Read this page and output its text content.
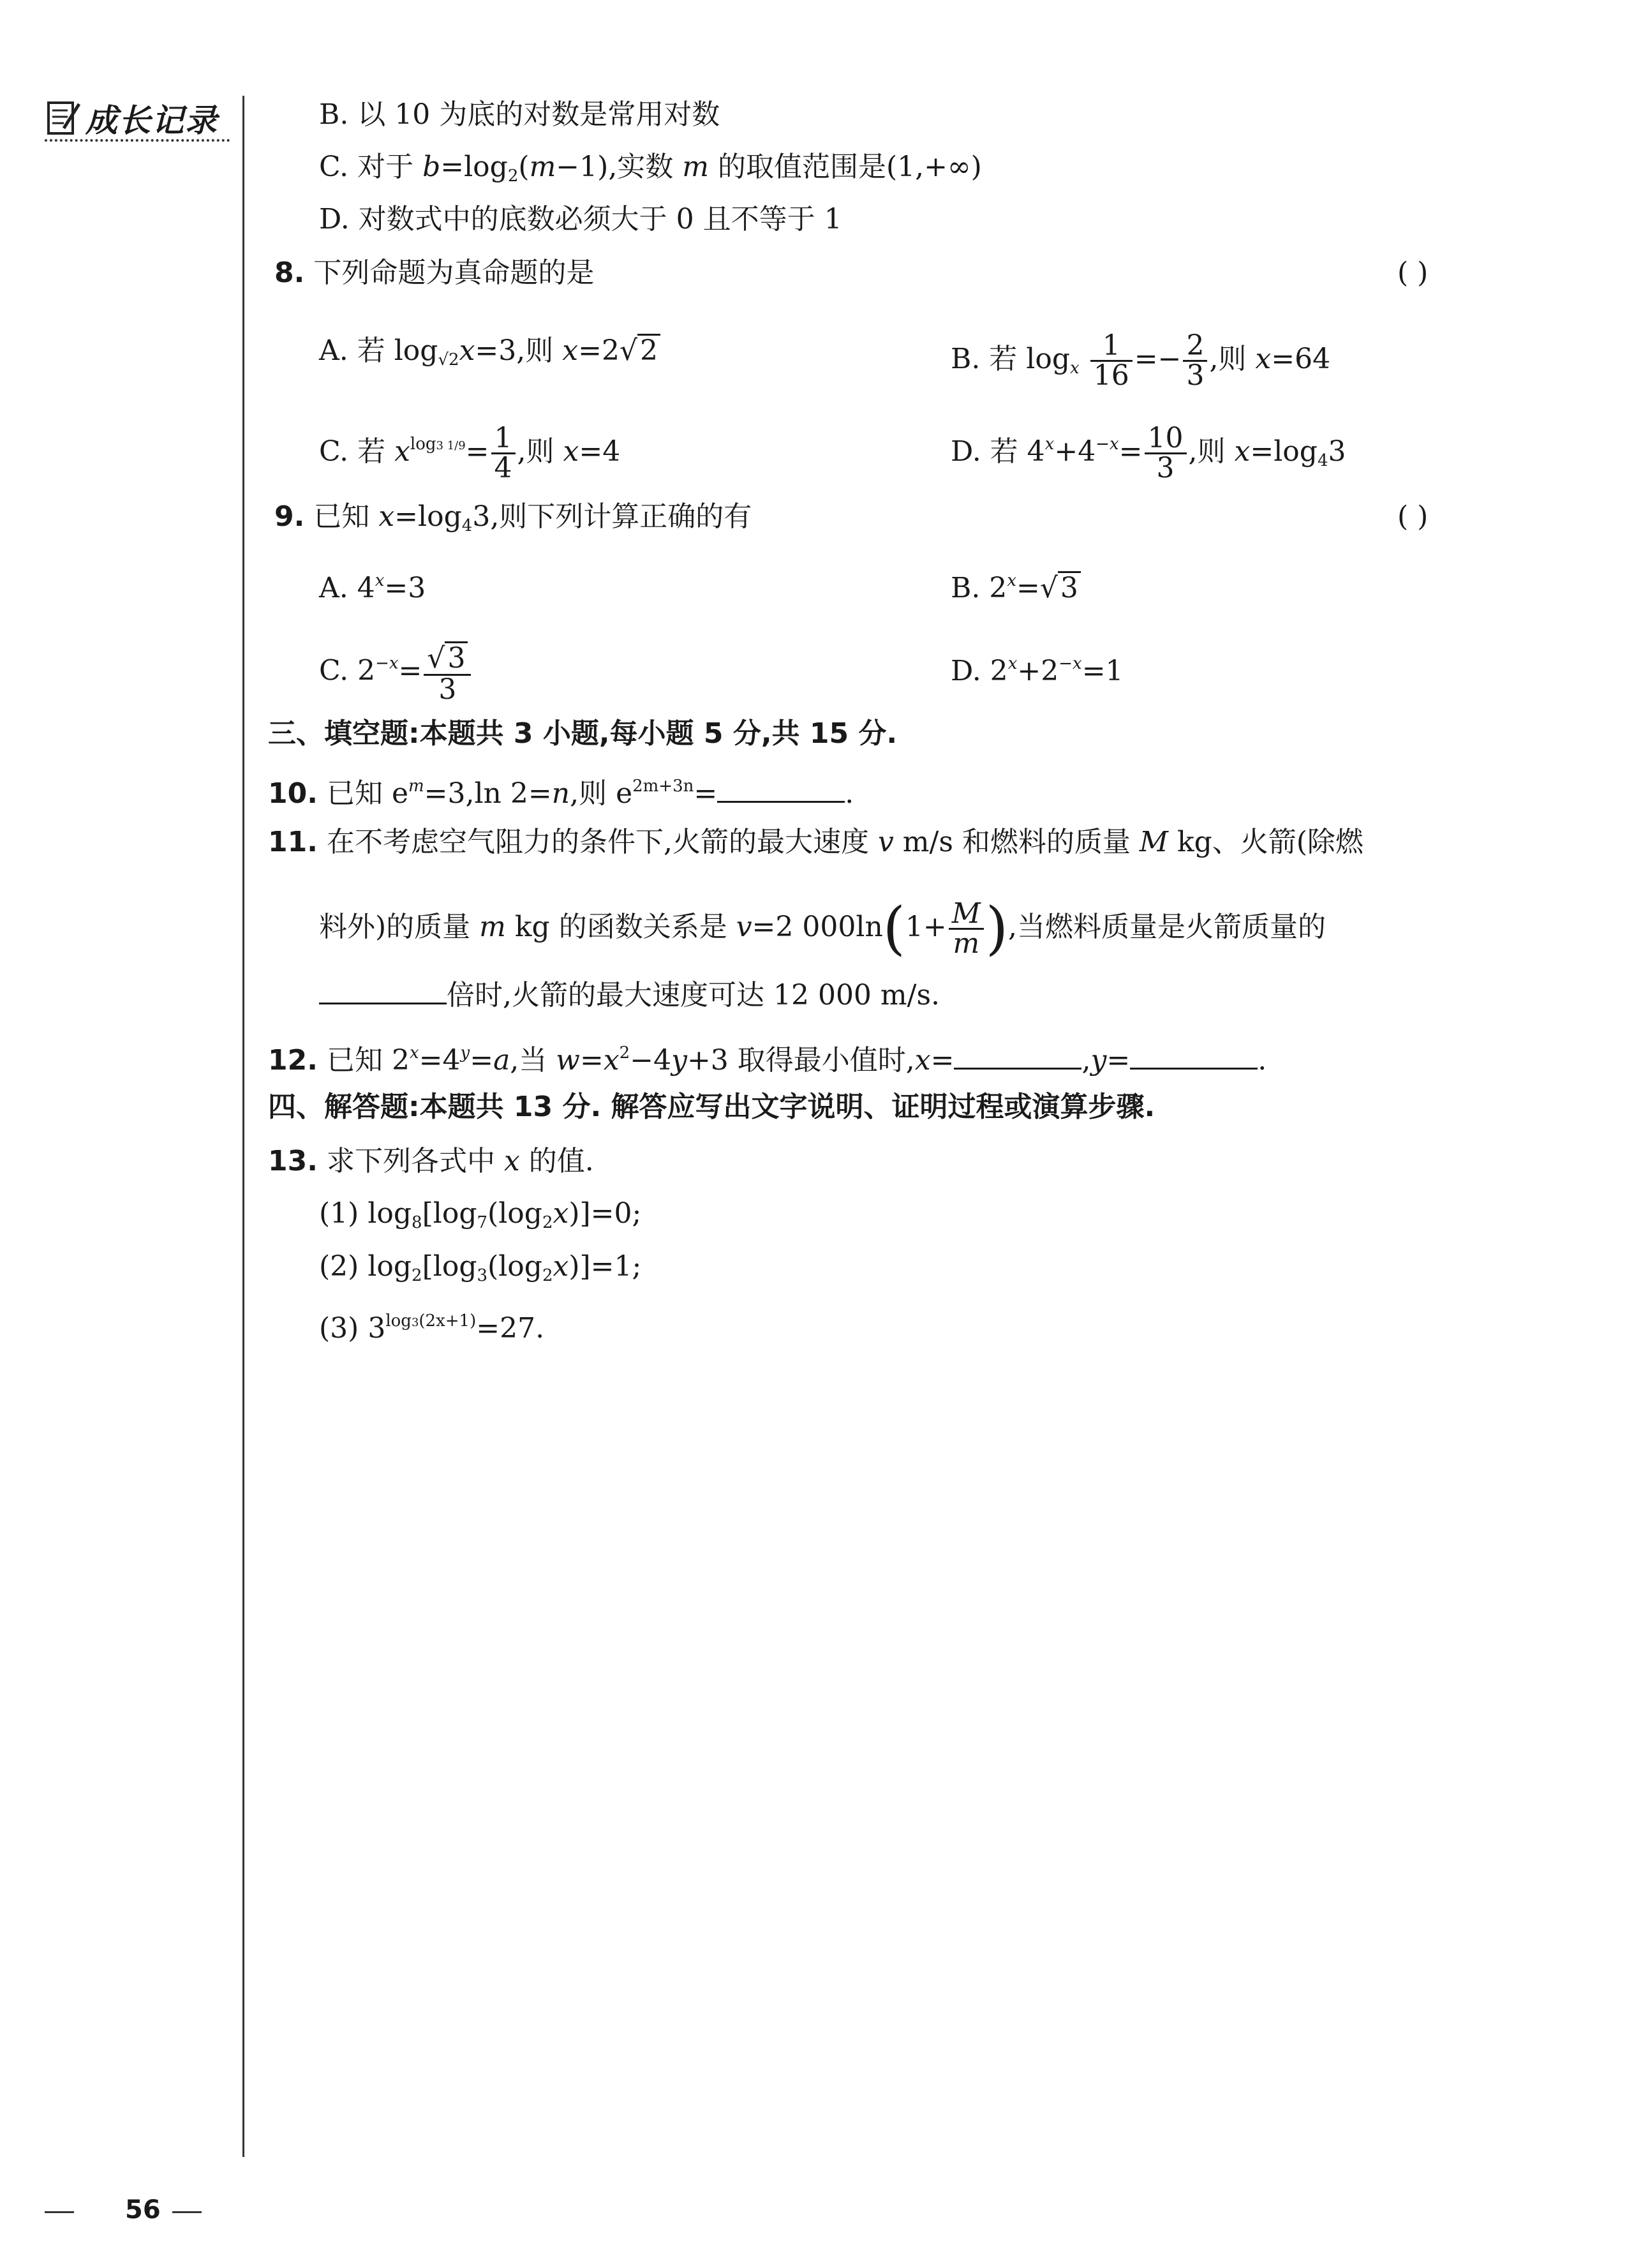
成长记录	B. 以 10 为底的对数是常用对数
C. 对于 $b=\log_2(m-1)$,实数 m 的取值范围是(1,+∞)
D. 对数式中的底数必须大于 0 且不等于 1
8. 下列命题为真命题的是	( )
A. 若 $\log_{√2}x=3$,则 x=2√2	B. 若 $\log_x \frac{1}{16} =- \frac{2}{3}$ ,则 x=64
C. 若 $x^{log3 1/9}= \frac{1}{4}$ ,则 x=4	D. 若 $4^x+4^{-x}= \frac{10}{3}$ ,则 $x=\log_43$
9. 已知 $x=\log_43$,则下列计算正确的有	( )
A. $4^x=3$	B. $2^x=√3$
C. $2^{-x}= \frac{√3}{3}$	D. $2^x+2^{-x}=1$
三、填空题:本题共 3 小题,每小题 5 分,共 15 分.
10. 已知 $e^m=3,\ln$ 2=n,则 $e^{2m+3n}=$	.
11. 在不考虑空气阻力的条件下,火箭的最大速度 v m/s 和燃料的质量 M kg、火箭(除燃
料外)的质量 m kg 的函数关系是 v=2 $000\ln(1+ \frac{M}{m}$ ),当燃料质量是火箭质量的
倍时,火箭的最大速度可达 12 000 m/s.
12. 已知 $2^x=4^y=a$,当 $w=x^2-4y+3$ 取得最小值时,x=	,y=	.
四、解答题:本题共 13 分. 解答应写出文字说明、证明过程或演算步骤.
13. 求下列各式中 x 的值.
(1) $\log_8[\log_7(\log_2x)]=0$;
(2) $\log_2[\log_3(\log_2x)]=1$;
(3) $3^{log3(2x+1)}=27$.
56
